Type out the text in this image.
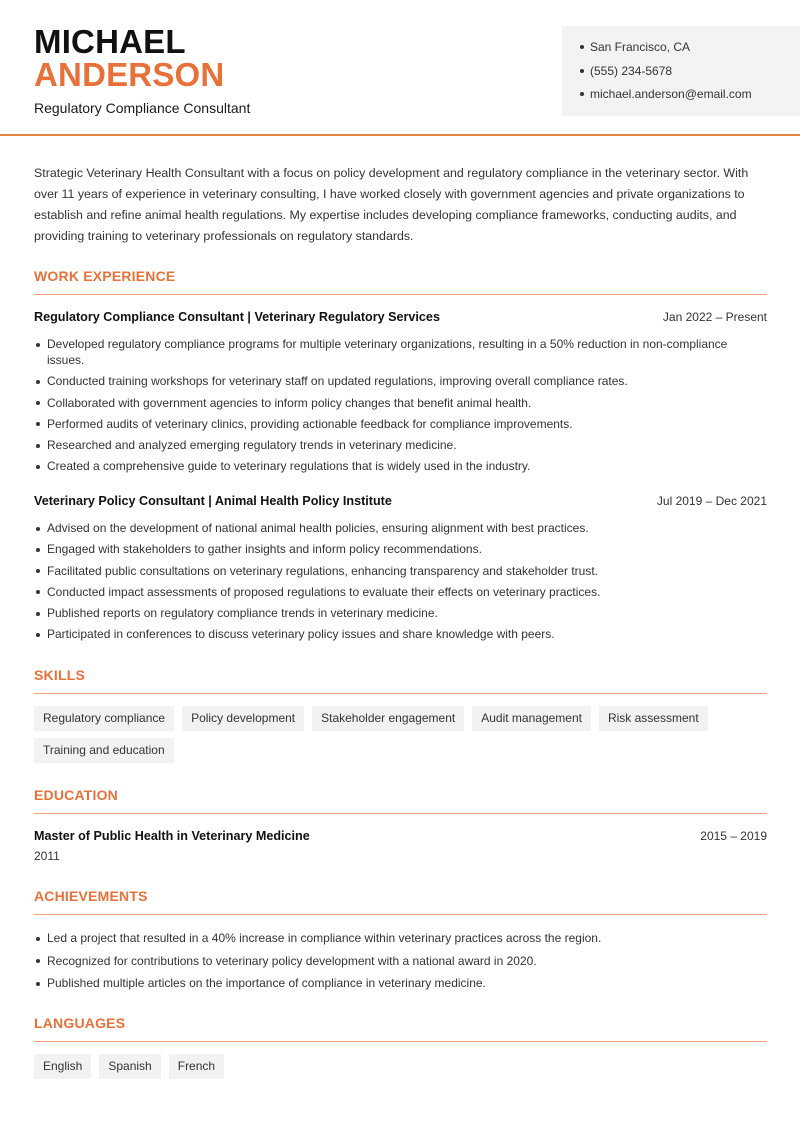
MICHAEL
ANDERSON
Regulatory Compliance Consultant
San Francisco, CA
(555) 234-5678
michael.anderson@email.com

Strategic Veterinary Health Consultant with a focus on policy development and regulatory compliance in the veterinary sector. With over 11 years of experience in veterinary consulting, I have worked closely with government agencies and private organizations to establish and refine animal health regulations. My expertise includes developing compliance frameworks, conducting audits, and providing training to veterinary professionals on regulatory standards.

WORK EXPERIENCE
Regulatory Compliance Consultant | Veterinary Regulatory Services	Jan 2022 – Present
Developed regulatory compliance programs for multiple veterinary organizations, resulting in a 50% reduction in non-compliance issues.
Conducted training workshops for veterinary staff on updated regulations, improving overall compliance rates.
Collaborated with government agencies to inform policy changes that benefit animal health.
Performed audits of veterinary clinics, providing actionable feedback for compliance improvements.
Researched and analyzed emerging regulatory trends in veterinary medicine.
Created a comprehensive guide to veterinary regulations that is widely used in the industry.
Veterinary Policy Consultant | Animal Health Policy Institute	Jul 2019 – Dec 2021
Advised on the development of national animal health policies, ensuring alignment with best practices.
Engaged with stakeholders to gather insights and inform policy recommendations.
Facilitated public consultations on veterinary regulations, enhancing transparency and stakeholder trust.
Conducted impact assessments of proposed regulations to evaluate their effects on veterinary practices.
Published reports on regulatory compliance trends in veterinary medicine.
Participated in conferences to discuss veterinary policy issues and share knowledge with peers.
SKILLS
Regulatory compliance	Policy development	Stakeholder engagement	Audit management	Risk assessment
Training and education
EDUCATION
Master of Public Health in Veterinary Medicine	2015 – 2019
2011
ACHIEVEMENTS
Led a project that resulted in a 40% increase in compliance within veterinary practices across the region.
Recognized for contributions to veterinary policy development with a national award in 2020.
Published multiple articles on the importance of compliance in veterinary medicine.
LANGUAGES
English	Spanish	French
